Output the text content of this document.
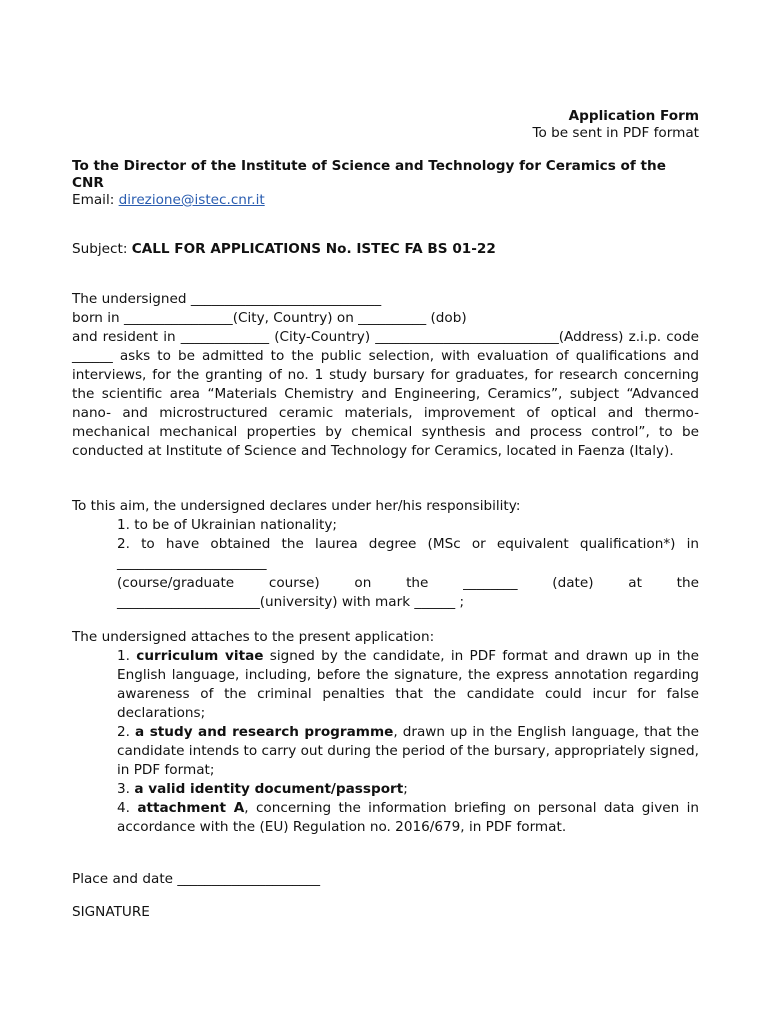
Application Form
To be sent in PDF format
To the Director of the Institute of Science and Technology for Ceramics of the CNR
Email: direzione@istec.cnr.it
Subject: CALL FOR APPLICATIONS No. ISTEC FA BS 01-22
The undersigned ____________________________
born in ________________(City, Country) on __________ (dob)

and resident in _____________ (City-Country) ___________________________(Address) z.i.p. code ______ asks to be admitted to the public selection, with evaluation of qualifications and interviews, for the granting of no. 1 study bursary for graduates, for research concerning the scientific area “Materials Chemistry and Engineering, Ceramics”, subject “Advanced nano- and microstructured ceramic materials, improvement of optical and thermo-mechanical mechanical properties by chemical synthesis and process control”, to be conducted at Institute of Science and Technology for Ceramics, located in Faenza (Italy).

To this aim, the undersigned declares under her/his responsibility:
1. to be of Ukrainian nationality;
2. to have obtained the laurea degree (MSc or equivalent qualification*) in
______________________
(course/graduate course) on the ________ (date) at the
_____________________(university) with mark ______ ;
The undersigned attaches to the present application:

1. curriculum vitae signed by the candidate, in PDF format and drawn up in the English language, including, before the signature, the express annotation regarding awareness of the criminal penalties that the candidate could incur for false declarations;

2. a study and research programme, drawn up in the English language, that the candidate intends to carry out during the period of the bursary, appropriately signed, in PDF format;

3. a valid identity document/passport;

4. attachment A, concerning the information briefing on personal data given in accordance with the (EU) Regulation no. 2016/679, in PDF format.

Place and date _____________________
SIGNATURE
